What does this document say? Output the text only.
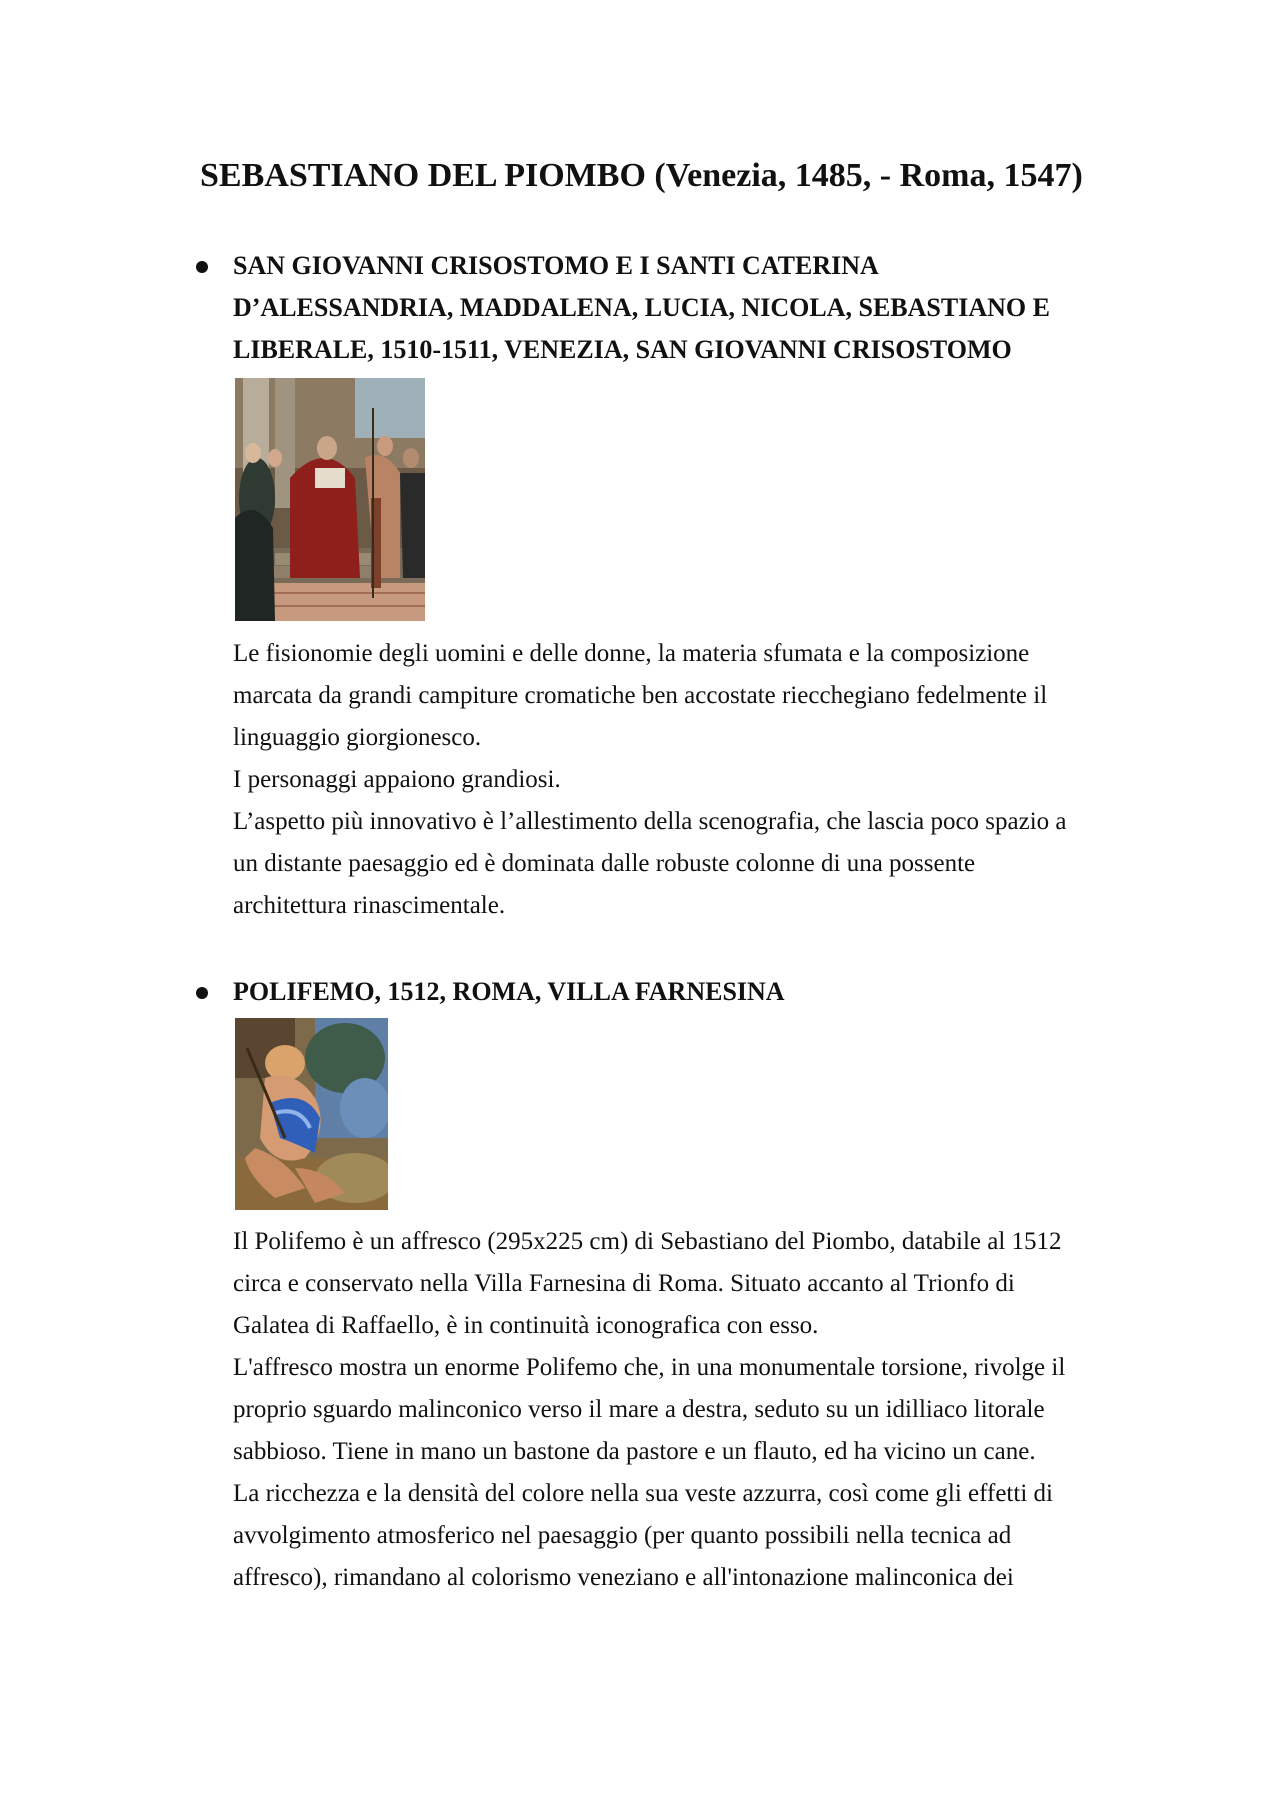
SEBASTIANO DEL PIOMBO (Venezia, 1485, - Roma, 1547)
SAN GIOVANNI CRISOSTOMO E I SANTI CATERINA
D’ALESSANDRIA, MADDALENA, LUCIA, NICOLA, SEBASTIANO E
LIBERALE, 1510-1511, VENEZIA, SAN GIOVANNI CRISOSTOMO

Le fisionomie degli uomini e delle donne, la materia sfumata e la composizione

marcata da grandi campiture cromatiche ben accostate riecchegiano fedelmente il

linguaggio giorgionesco.

I personaggi appaiono grandiosi.

L’aspetto più innovativo è l’allestimento della scenografia, che lascia poco spazio a

un distante paesaggio ed è dominata dalle robuste colonne di una possente

architettura rinascimentale.

POLIFEMO, 1512, ROMA, VILLA FARNESINA

Il Polifemo è un affresco (295x225 cm) di Sebastiano del Piombo, databile al 1512

circa e conservato nella Villa Farnesina di Roma. Situato accanto al Trionfo di

Galatea di Raffaello, è in continuità iconografica con esso.

L'affresco mostra un enorme Polifemo che, in una monumentale torsione, rivolge il

proprio sguardo malinconico verso il mare a destra, seduto su un idilliaco litorale

sabbioso. Tiene in mano un bastone da pastore e un flauto, ed ha vicino un cane.

La ricchezza e la densità del colore nella sua veste azzurra, così come gli effetti di

avvolgimento atmosferico nel paesaggio (per quanto possibili nella tecnica ad

affresco), rimandano al colorismo veneziano e all'intonazione malinconica dei
